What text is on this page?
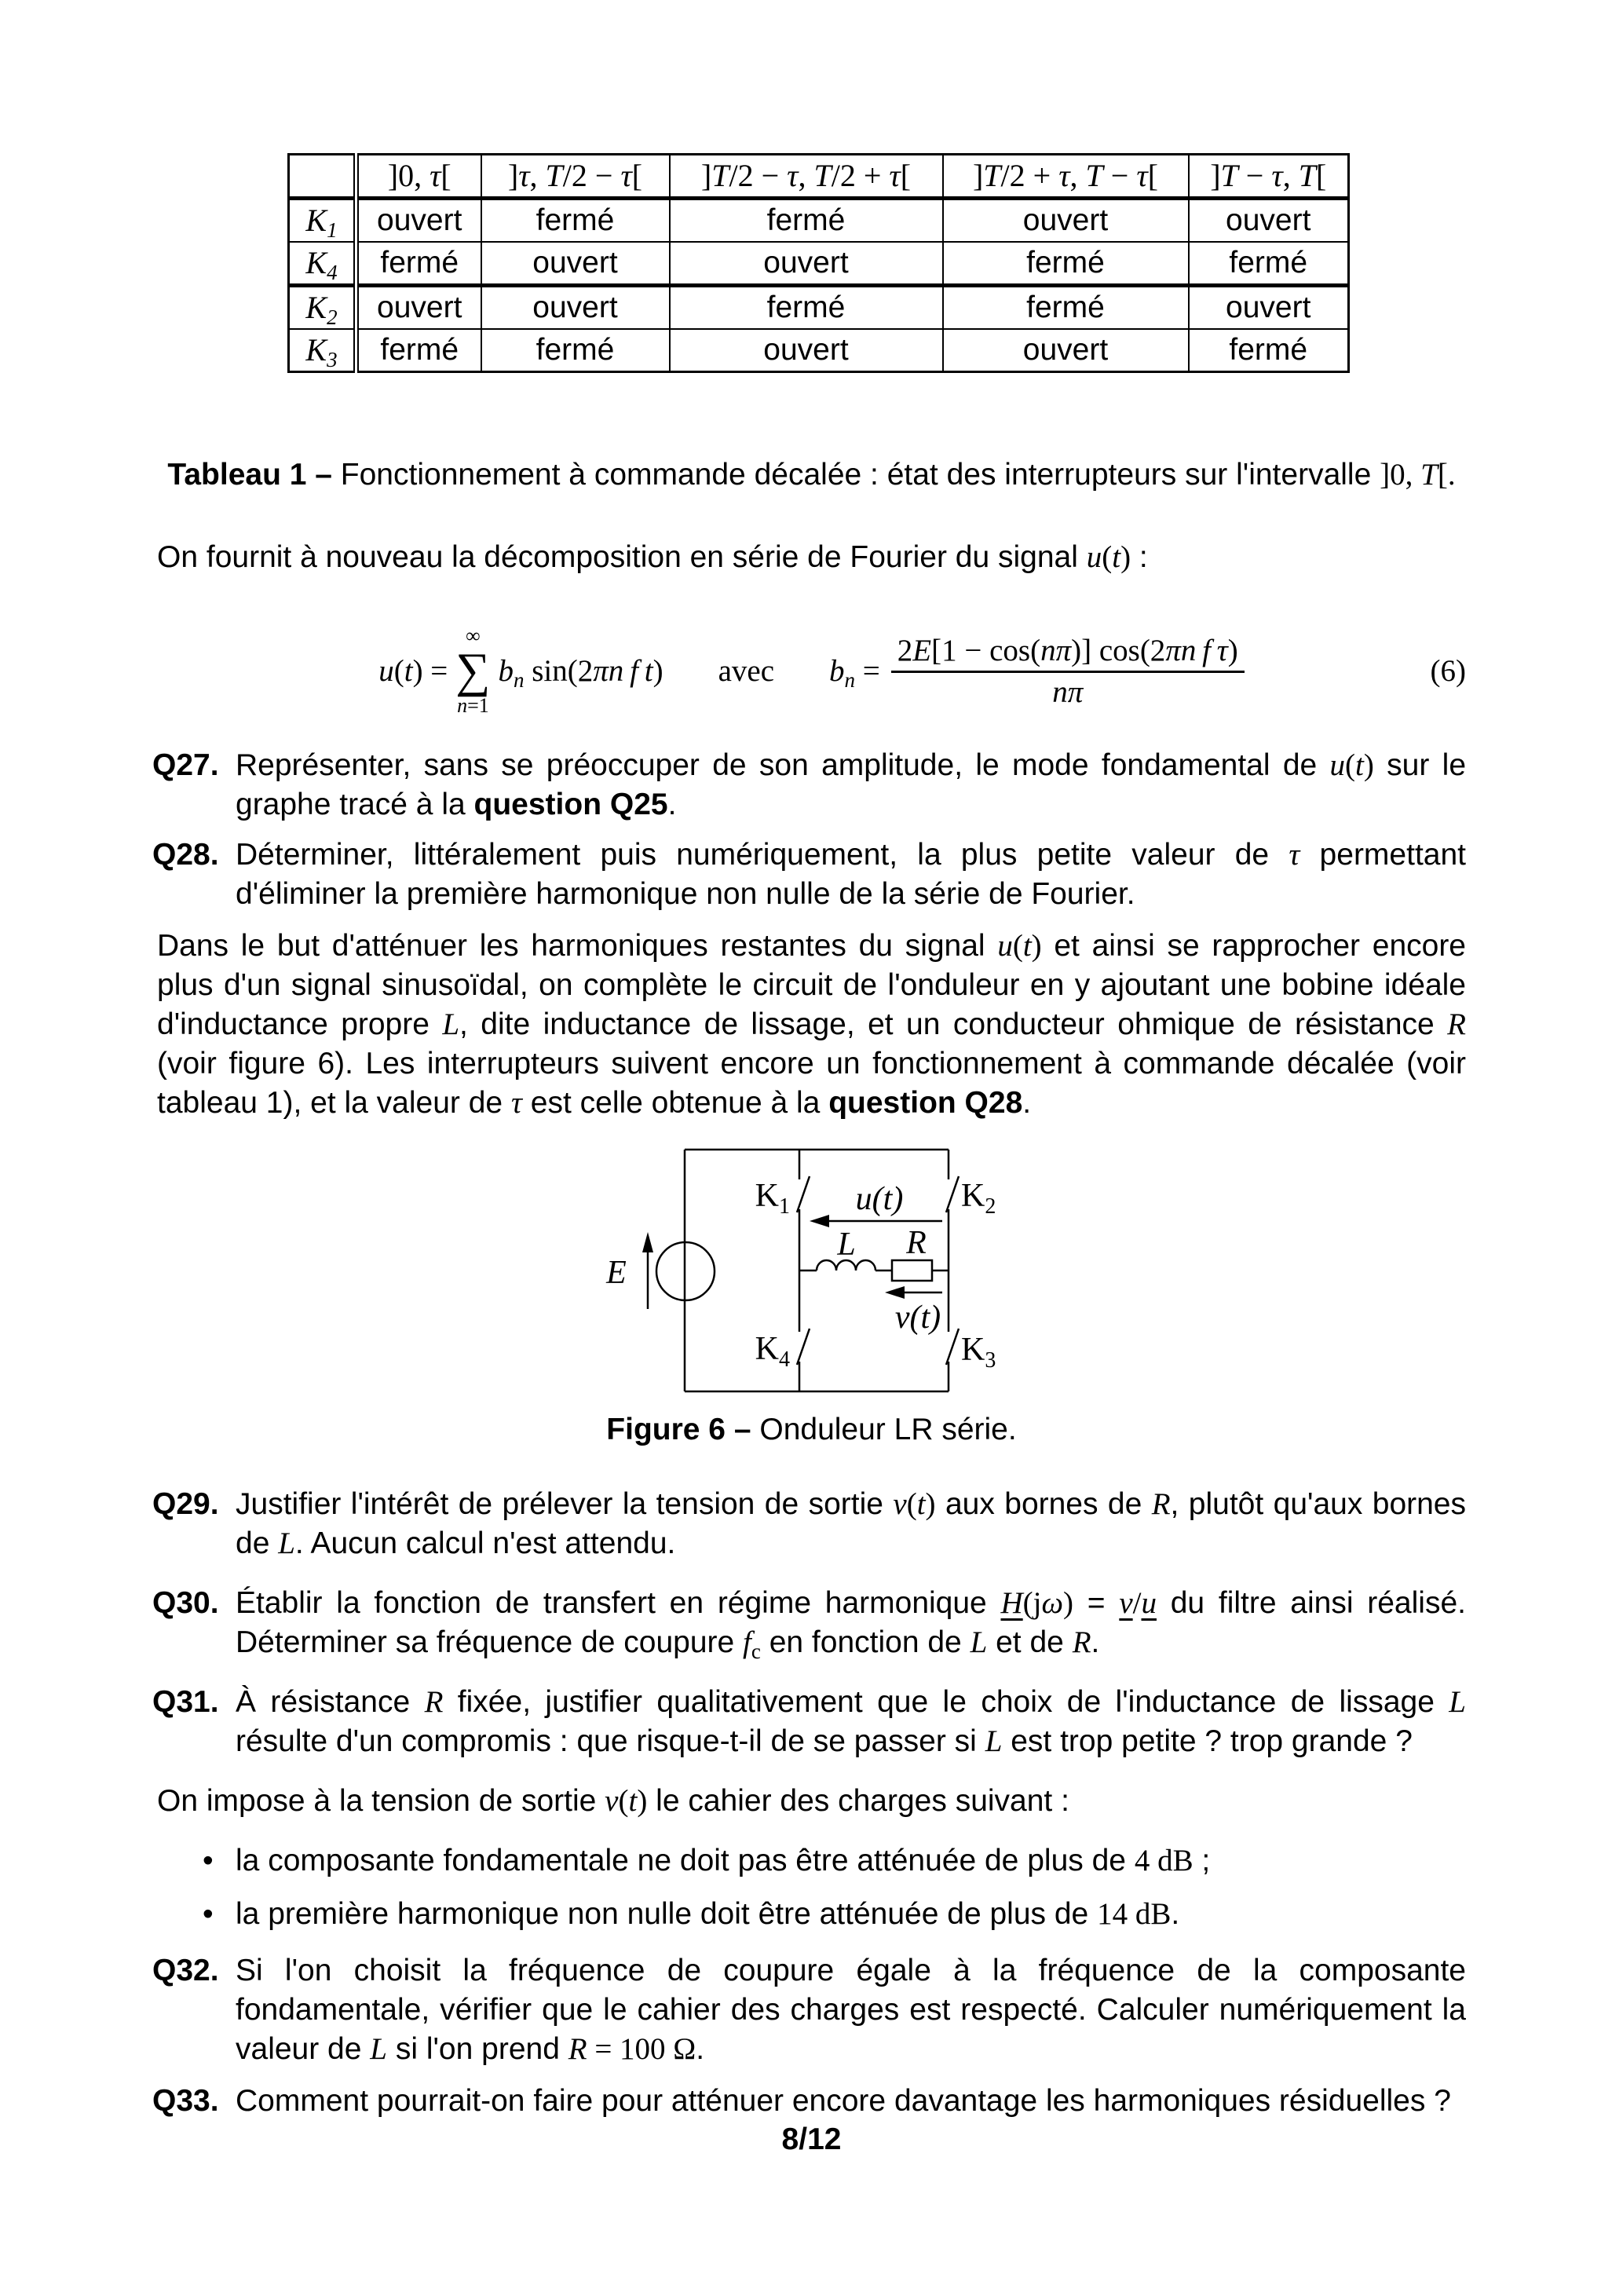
	]0, τ[	]τ, T/2 − τ[	]T/2 − τ, T/2 + τ[	]T/2 + τ, T − τ[	]T − τ, T[
$K_1$	ouvert	fermé	fermé	ouvert	ouvert
$K_4$	fermé	ouvert	ouvert	fermé	fermé
$K_2$	ouvert	ouvert	fermé	fermé	ouvert
$K_3$	fermé	fermé	ouvert	ouvert	fermé
Tableau 1 – Fonctionnement à commande décalée : état des interrupteurs sur l'intervalle ]0, T[.
On fournit à nouveau la décomposition en série de Fourier du signal u(t) :
u(t) =
∞
∑
n=1
$b_n$ sin(2πn f t) avec $b_n = \frac{\text{2E[1 − cos(nπ)] cos(2πn f τ)}}{n\pi}$	(6)
Q27. Représenter, sans se préoccuper de son amplitude, le mode fondamental de u(t) sur le graphe tracé à la question Q25.
Q28. Déterminer, littéralement puis numériquement, la plus petite valeur de τ permettant d'éliminer la première harmonique non nulle de la série de Fourier.
Dans le but d'atténuer les harmoniques restantes du signal u(t) et ainsi se rapprocher encore plus d'un signal sinusoïdal, on complète le circuit de l'onduleur en y ajoutant une bobine idéale d'inductance propre L, dite inductance de lissage, et un conducteur ohmique de résistance R (voir figure 6). Les interrupteurs suivent encore un fonctionnement à commande décalée (voir tableau 1), et la valeur de τ est celle obtenue à la question Q28.
E
$K_1$	$K_2$
$K_4$	$K_3$
u(t)
L R
v(t)
Figure 6 – Onduleur LR série.
Q29. Justifier l'intérêt de prélever la tension de sortie v(t) aux bornes de R, plutôt qu'aux bornes de L. Aucun calcul n'est attendu.
Q30. Établir la fonction de transfert en régime harmonique H(jω) = v/u du filtre ainsi réalisé. Déterminer sa fréquence de coupure $f_c$ en fonction de L et de R.
Q31. À résistance R fixée, justifier qualitativement que le choix de l'inductance de lissage L résulte d'un compromis : que risque-t-il de se passer si L est trop petite ? trop grande ?
On impose à la tension de sortie v(t) le cahier des charges suivant :
• la composante fondamentale ne doit pas être atténuée de plus de 4 dB ;
• la première harmonique non nulle doit être atténuée de plus de 14 dB.
Q32. Si l'on choisit la fréquence de coupure égale à la fréquence de la composante fondamentale, vérifier que le cahier des charges est respecté. Calculer numériquement la valeur de L si l'on prend R = 100 Ω.
Q33. Comment pourrait-on faire pour atténuer encore davantage les harmoniques résiduelles ?
8/12
